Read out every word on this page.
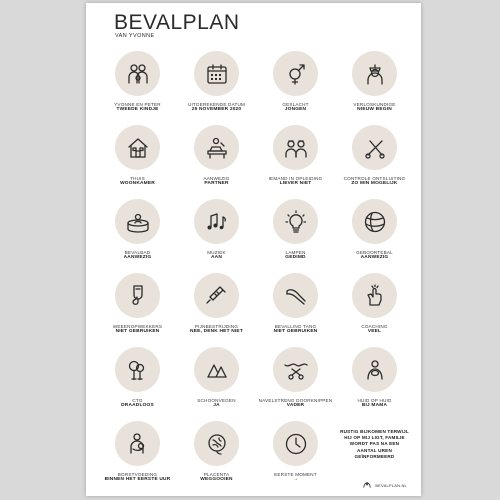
BEVALPLAN
VAN YVONNE
YVONNE EN PETER
TWEEDE KINDJE
UITGEREKENDE DATUM
25 NOVEMBER 2020
GESLACHT
JONGEN
VERLOSKUNDIGE
NIEUW BEGIN
THUIS
WOONKAMER
AANWEZIG
PARTNER
IEMAND IN OPLEIDING
LIEVER NIET
CONTROLE ONTSLUITING
ZO MIN MOGELIJK
BEVALBAD
AANWEZIG
MUZIEK
AAN
LAMPEN
GEDIMD
GEBOORTEBAL
AANWEZIG
WEEENOPWEKKERS
NIET GEBRUIKEN
PIJNBESTRIJDING
NEE, DENK HET NIET
BEVALLING TANG
NIET GEBRUIKEN
COACHING
VEEL
CTG
DRAADLOOS
SCHOONVEGEN
JA
NAVELSTRENG DOORKNIPPEN
VADER
HUID OP HUID
BIJ MAMA
BORSTVOEDING
BINNEN HET EERSTE UUR
PLACENTA
WEGGOOIEN
EERSTE MOMENT
→
RUSTIG BIJKOMEN TERWIJL HIJ OP MIJ LIGT, FAMILIE WORDT PAS NA EEN AANTAL UREN GEÏNFORMEERD
BEVALPLAN.NL
